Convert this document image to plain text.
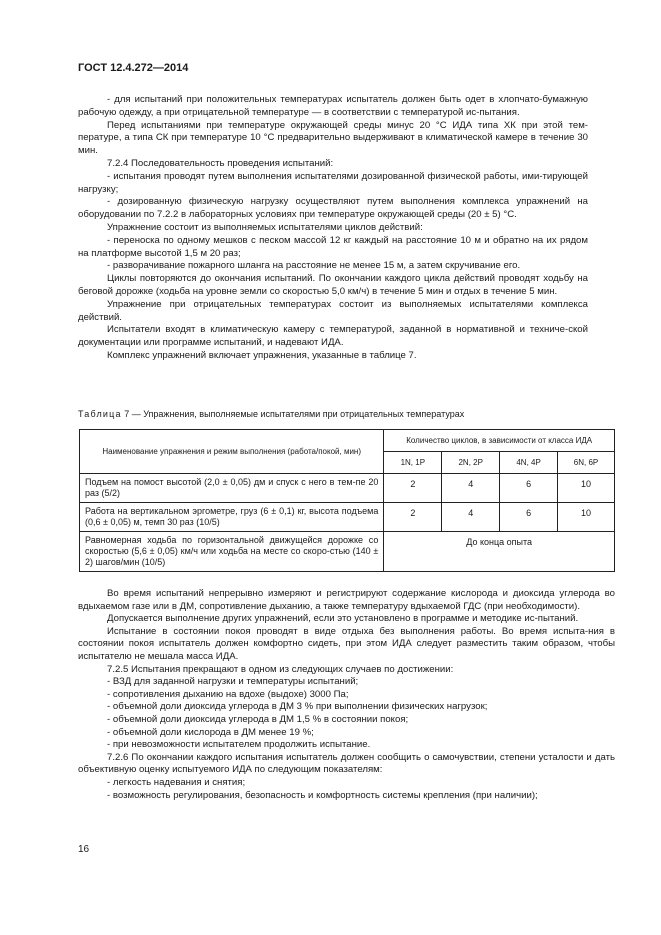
ГОСТ 12.4.272—2014

- для испытаний при положительных температурах испытатель должен быть одет в хлопчато-бумажную рабочую одежду, а при отрицательной температуре — в соответствии с температурой ис-пытания.

Перед испытаниями при температуре окружающей среды минус 20 °С ИДА типа ХК при этой тем-пературе, а типа СК при температуре 10 °С предварительно выдерживают в климатической камере в течение 30 мин.

7.2.4 Последовательность проведения испытаний:

- испытания проводят путем выполнения испытателями дозированной физической работы, ими-тирующей нагрузку;

- дозированную физическую нагрузку осуществляют путем выполнения комплекса упражнений на оборудовании по 7.2.2 в лабораторных условиях при температуре окружающей среды (20 ± 5) °С.

Упражнение состоит из выполняемых испытателями циклов действий:

- переноска по одному мешков с песком массой 12 кг каждый на расстояние 10 м и обратно на их рядом на платформе высотой 1,5 м 20 раз;

- разворачивание пожарного шланга на расстояние не менее 15 м, а затем скручивание его.

Циклы повторяются до окончания испытаний. По окончании каждого цикла действий проводят ходьбу на беговой дорожке (ходьба на уровне земли со скоростью 5,0 км/ч) в течение 5 мин и отдых в течение 5 мин.

Упражнение при отрицательных температурах состоит из выполняемых испытателями комплекса действий.

Испытатели входят в климатическую камеру с температурой, заданной в нормативной и техниче-ской документации или программе испытаний, и надевают ИДА.

Комплекс упражнений включает упражнения, указанные в таблице 7.

Таблица 7 — Упражнения, выполняемые испытателями при отрицательных температурах
Наименование упражнения и режим выполнения (работа/покой, мин)	Количество циклов, в зависимости от класса ИДА			
	1N, 1P	2N, 2P	4N, 4P	6N, 6P
Подъем на помост высотой (2,0 ± 0,05) дм и спуск с него в тем-пе 20 раз (5/2)	2	4	6	10
Работа на вертикальном эргометре, груз (6 ± 0,1) кг, высота подъема (0,6 ± 0,05) м, темп 30 раз (10/5)	2	4	6	10
Равномерная ходьба по горизонтальной движущейся дорожке со скоростью (5,6 ± 0,05) км/ч или ходьба на месте со скоро-стью (140 ± 2) шагов/мин (10/5)	До конца опыта			

Во время испытаний непрерывно измеряют и регистрируют содержание кислорода и диоксида углерода во вдыхаемом газе или в ДМ, сопротивление дыханию, а также температуру вдыхаемой ГДС (при необходимости).

Допускается выполнение других упражнений, если это установлено в программе и методике ис-пытаний.

Испытание в состоянии покоя проводят в виде отдыха без выполнения работы. Во время испыта-ния в состоянии покоя испытатель должен комфортно сидеть, при этом ИДА следует разместить таким образом, чтобы испытателю не мешала масса ИДА.

7.2.5 Испытания прекращают в одном из следующих случаев по достижении:

- ВЗД для заданной нагрузки и температуры испытаний;

- сопротивления дыханию на вдохе (выдохе) 3000 Па;

- объемной доли диоксида углерода в ДМ 3 % при выполнении физических нагрузок;

- объемной доли диоксида углерода в ДМ 1,5 % в состоянии покоя;

- объемной доли кислорода в ДМ менее 19 %;

- при невозможности испытателем продолжить испытание.

7.2.6 По окончании каждого испытания испытатель должен сообщить о самочувствии, степени усталости и дать объективную оценку испытуемого ИДА по следующим показателям:

- легкость надевания и снятия;

- возможность регулирования, безопасность и комфортность системы крепления (при наличии);

16
